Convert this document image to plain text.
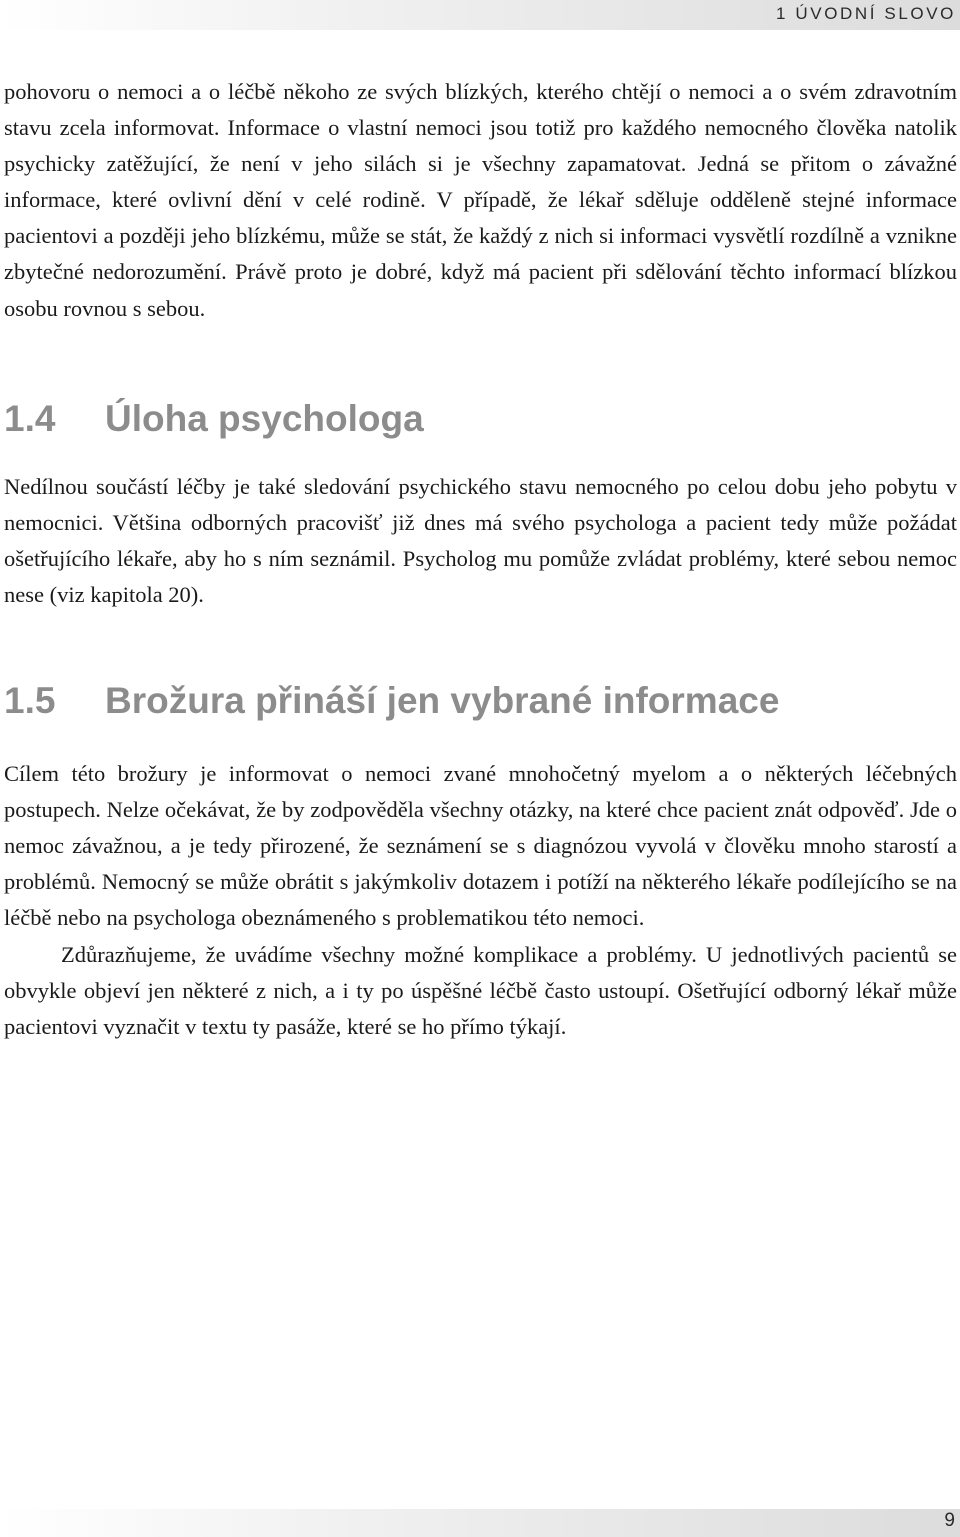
1 ÚVODNÍ SLOVO

pohovoru o nemoci a o léčbě někoho ze svých blízkých, kterého chtějí o nemoci a o svém zdravotním stavu zcela informovat. Informace o vlastní nemoci jsou totiž pro každého nemocného člověka natolik psychicky zatěžující, že není v jeho silách si je všechny zapamatovat. Jedná se přitom o závažné informace, které ovlivní dění v celé rodině. V případě, že lékař sděluje odděleně stejné informace pacientovi a později jeho blízkému, může se stát, že každý z nich si informaci vysvětlí rozdílně a vznikne zbytečné nedorozumění. Právě proto je dobré, když má pacient při sdělování těchto informací blízkou osobu rovnou s sebou.

1.4	Úloha psychologa

Nedílnou součástí léčby je také sledování psychického stavu nemocného po celou dobu jeho pobytu v nemocnici. Většina odborných pracovišť již dnes má svého psychologa a pacient tedy může požádat ošetřujícího lékaře, aby ho s ním seznámil. Psycholog mu pomůže zvládat problémy, které sebou nemoc nese (viz kapitola 20).

1.5	Brožura přináší jen vybrané informace

Cílem této brožury je informovat o nemoci zvané mnohočetný myelom a o některých léčebných postupech. Nelze očekávat, že by zodpověděla všechny otázky, na které chce pacient znát odpověď. Jde o nemoc závažnou, a je tedy přirozené, že seznámení se s diagnózou vyvolá v člověku mnoho starostí a problémů. Nemocný se může obrátit s jakýmkoliv dotazem i potíží na některého lékaře podílejícího se na léčbě nebo na psychologa obeznámeného s problematikou této nemoci.

Zdůrazňujeme, že uvádíme všechny možné komplikace a problémy. U jednotlivých pacientů se obvykle objeví jen některé z nich, a i ty po úspěšné léčbě často ustoupí. Ošetřující odborný lékař může pacientovi vyznačit v textu ty pasáže, které se ho přímo týkají.

9
